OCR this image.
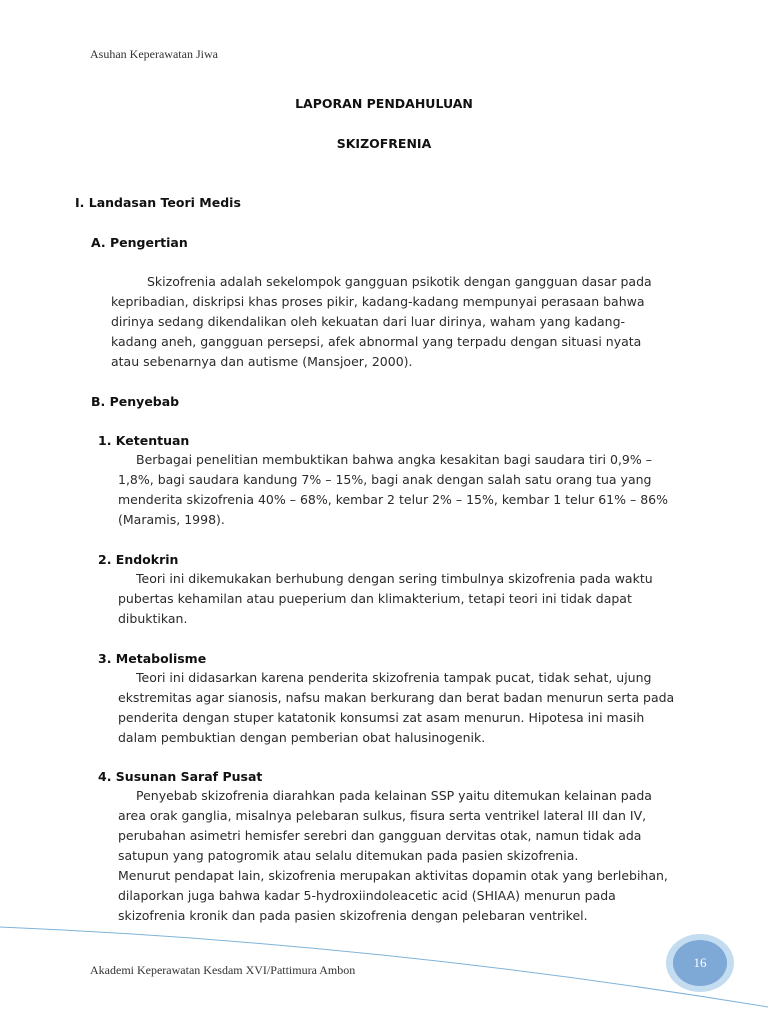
Asuhan Keperawatan Jiwa
LAPORAN PENDAHULUAN
SKIZOFRENIA
I. Landasan Teori Medis
A. Pengertian
Skizofrenia adalah sekelompok gangguan psikotik dengan gangguan dasar pada
kepribadian, diskripsi khas proses pikir, kadang-kadang mempunyai perasaan bahwa
dirinya sedang dikendalikan oleh kekuatan dari luar dirinya, waham yang kadang-
kadang aneh, gangguan persepsi, afek abnormal yang terpadu dengan situasi nyata
atau sebenarnya dan autisme (Mansjoer, 2000).
B. Penyebab
1. Ketentuan
Berbagai penelitian membuktikan bahwa angka kesakitan bagi saudara tiri 0,9% –
1,8%, bagi saudara kandung 7% – 15%, bagi anak dengan salah satu orang tua yang
menderita skizofrenia 40% – 68%, kembar 2 telur 2% – 15%, kembar 1 telur 61% – 86%
(Maramis, 1998).
2. Endokrin
Teori ini dikemukakan berhubung dengan sering timbulnya skizofrenia pada waktu
pubertas kehamilan atau pueperium dan klimakterium, tetapi teori ini tidak dapat
dibuktikan.
3. Metabolisme
Teori ini didasarkan karena penderita skizofrenia tampak pucat, tidak sehat, ujung
ekstremitas agar sianosis, nafsu makan berkurang dan berat badan menurun serta pada
penderita dengan stuper katatonik konsumsi zat asam menurun. Hipotesa ini masih
dalam pembuktian dengan pemberian obat halusinogenik.
4. Susunan Saraf Pusat
Penyebab skizofrenia diarahkan pada kelainan SSP yaitu ditemukan kelainan pada
area orak ganglia, misalnya pelebaran sulkus, fisura serta ventrikel lateral III dan IV,
perubahan asimetri hemisfer serebri dan gangguan dervitas otak, namun tidak ada
satupun yang patogromik atau selalu ditemukan pada pasien skizofrenia.
Menurut pendapat lain, skizofrenia merupakan aktivitas dopamin otak yang berlebihan,
dilaporkan juga bahwa kadar 5-hydroxiindoleacetic acid (SHIAA) menurun pada
skizofrenia kronik dan pada pasien skizofrenia dengan pelebaran ventrikel.
16
Akademi Keperawatan Kesdam XVI/Pattimura Ambon
